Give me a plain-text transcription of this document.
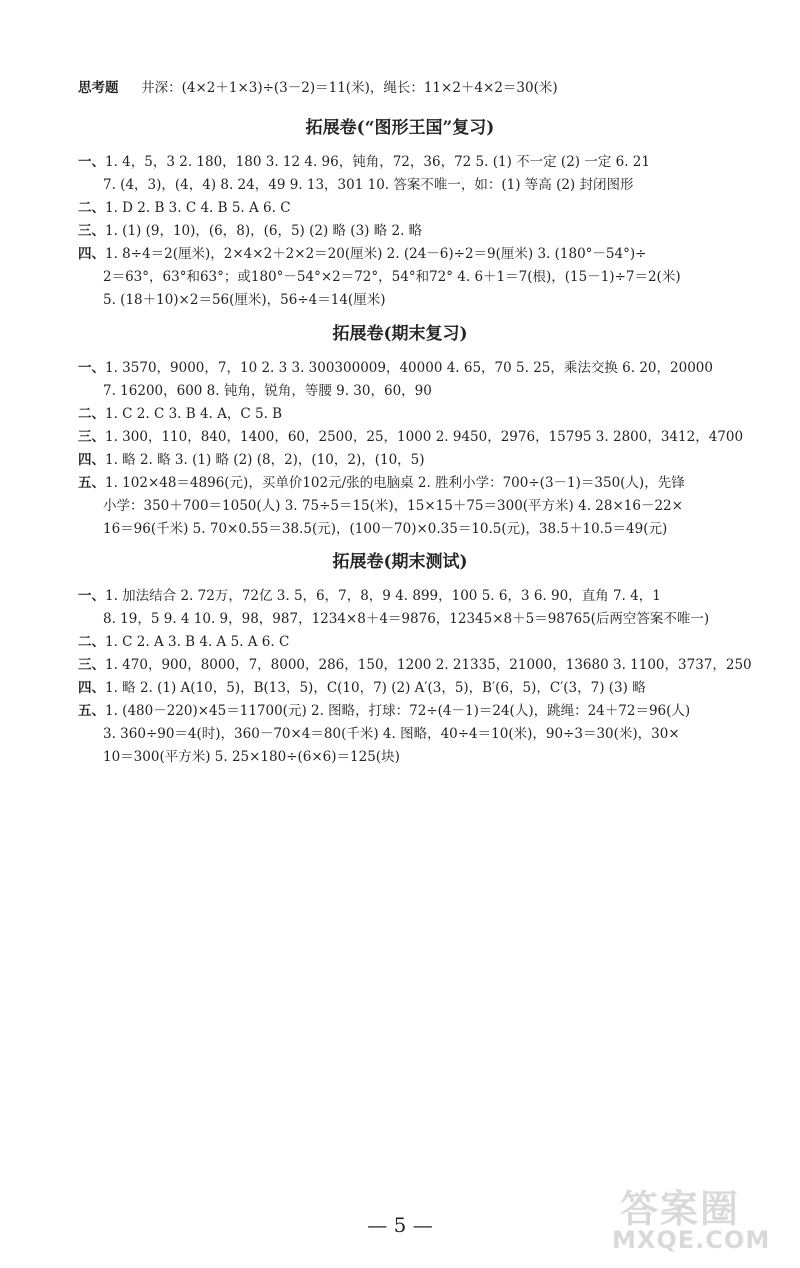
思考题 井深：(4×2＋1×3)÷(3－2)＝11(米)，绳长：11×2＋4×2＝30(米)
拓展卷(“图形王国”复习)
一、1. 4，5，3 2. 180，180 3. 12 4. 96，钝角，72，36，72 5. (1) 不一定 (2) 一定 6. 21
7. (4，3)，(4，4) 8. 24，49 9. 13，301 10. 答案不唯一，如：(1) 等高 (2) 封闭图形
二、1. D 2. B 3. C 4. B 5. A 6. C
三、1. (1) (9，10)，(6，8)，(6，5) (2) 略 (3) 略 2. 略
四、1. 8÷4＝2(厘米)，2×4×2＋2×2＝20(厘米) 2. (24－6)÷2＝9(厘米) 3. (180°－54°)÷
2＝63°，63°和63°；或180°－54°×2＝72°，54°和72° 4. 6＋1＝7(根)，(15－1)÷7＝2(米)
5. (18＋10)×2＝56(厘米)，56÷4＝14(厘米)
拓展卷(期末复习)
一、1. 3570，9000，7，10 2. 3 3. 300300009，40000 4. 65，70 5. 25，乘法交换 6. 20，20000
7. 16200，600 8. 钝角，锐角，等腰 9. 30，60，90
二、1. C 2. C 3. B 4. A，C 5. B
三、1. 300，110，840，1400，60，2500，25，1000 2. 9450，2976，15795 3. 2800，3412，4700
四、1. 略 2. 略 3. (1) 略 (2) (8，2)，(10，2)，(10，5)
五、1. 102×48＝4896(元)，买单价102元/张的电脑桌 2. 胜利小学：700÷(3－1)＝350(人)，先锋
小学：350＋700＝1050(人) 3. 75÷5＝15(米)，15×15＋75＝300(平方米) 4. 28×16－22×
16＝96(千米) 5. 70×0.55＝38.5(元)，(100－70)×0.35＝10.5(元)，38.5＋10.5＝49(元)
拓展卷(期末测试)
一、1. 加法结合 2. 72万，72亿 3. 5，6，7，8，9 4. 899，100 5. 6，3 6. 90，直角 7. 4，1
8. 19，5 9. 4 10. 9，98，987，1234×8＋4＝9876，12345×8＋5＝98765(后两空答案不唯一)
二、1. C 2. A 3. B 4. A 5. A 6. C
三、1. 470，900，8000，7，8000，286，150，1200 2. 21335，21000，13680 3. 1100，3737，250
四、1. 略 2. (1) A(10，5)，B(13，5)，C(10，7) (2) A′(3，5)，B′(6，5)，C′(3，7) (3) 略
五、1. (480－220)×45＝11700(元) 2. 图略，打球：72÷(4－1)＝24(人)，跳绳：24＋72＝96(人)
3. 360÷90＝4(时)，360－70×4＝80(千米) 4. 图略，40÷4＝10(米)，90÷3＝30(米)，30×
10＝300(平方米) 5. 25×180÷(6×6)＝125(块)
— 5 —	答案圈
MXQE.COM
